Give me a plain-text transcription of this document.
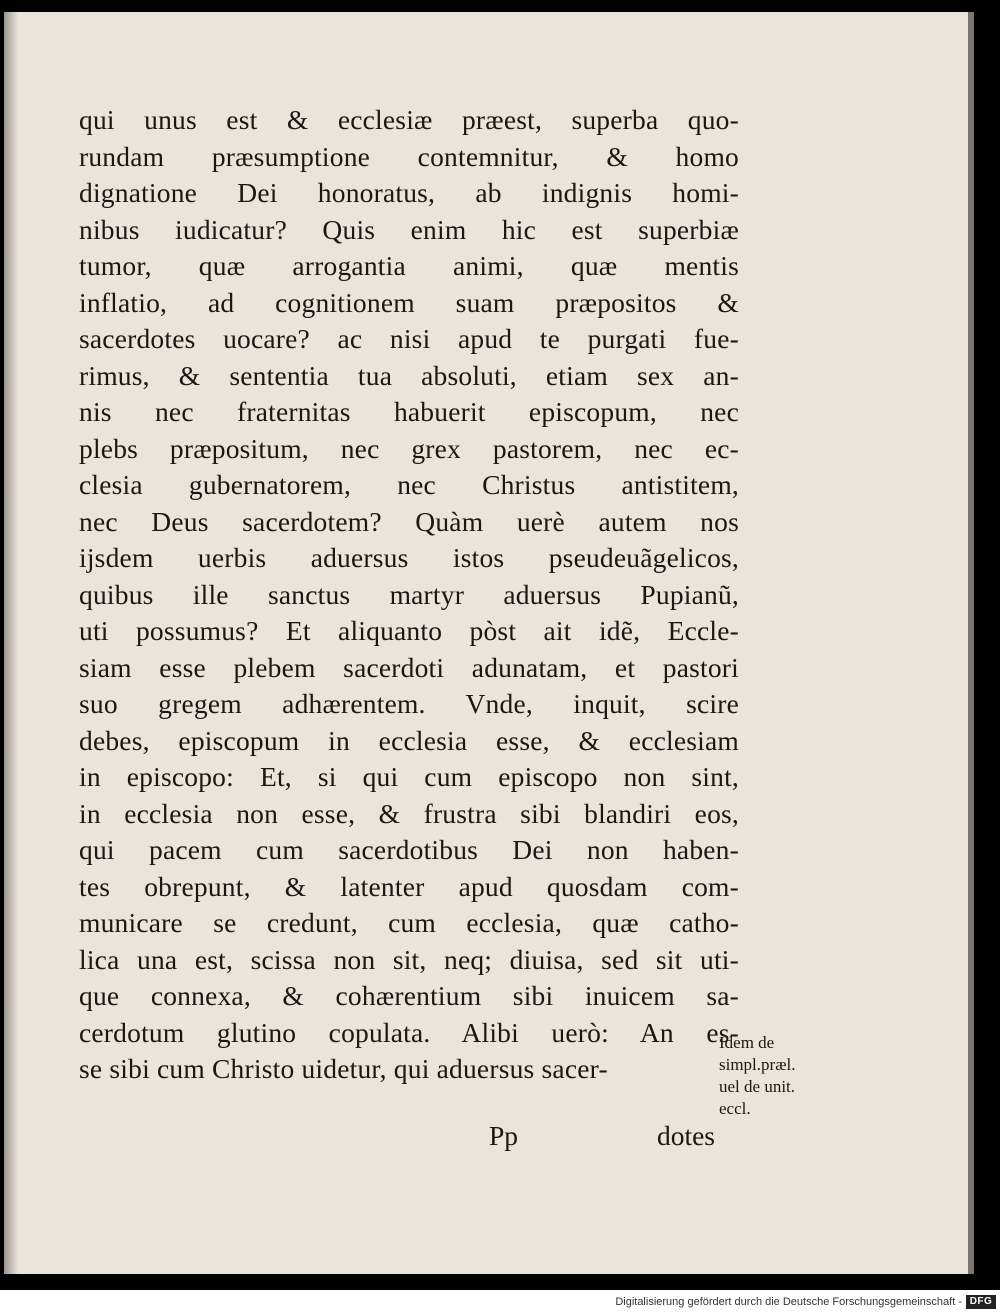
qui unus est & ecclesiæ præest, superba quo-
rundam præsumptione contemnitur, & homo
dignatione Dei honoratus, ab indignis homi-
nibus iudicatur? Quis enim hic est superbiæ
tumor, quæ arrogantia animi, quæ mentis
inflatio, ad cognitionem suam præpositos &
sacerdotes uocare? ac nisi apud te purgati fue-
rimus, & sententia tua absoluti, etiam sex an-
nis nec fraternitas habuerit episcopum, nec
plebs præpositum, nec grex pastorem, nec ec-
clesia gubernatorem, nec Christus antistitem,
nec Deus sacerdotem? Quàm uerè autem nos
ijsdem uerbis aduersus istos pseudeuãgelicos,
quibus ille sanctus martyr aduersus Pupianũ,
uti possumus? Et aliquanto pòst ait idẽ, Eccle-
siam esse plebem sacerdoti adunatam, et pastori
suo gregem adhærentem. Vnde, inquit, scire
debes, episcopum in ecclesia esse, & ecclesiam
in episcopo: Et, si qui cum episcopo non sint,
in ecclesia non esse, & frustra sibi blandiri eos,
qui pacem cum sacerdotibus Dei non haben-
tes obrepunt, & latenter apud quosdam com-
municare se credunt, cum ecclesia, quæ catho-
lica una est, scissa non sit, neq; diuisa, sed sit uti-
que connexa, & cohærentium sibi inuicem sa-
cerdotum glutino copulata. Alibi uerò: An es-
se sibi cum Christo uidetur, qui aduersus sacer-
Pp	dotes
Idem de
simpl.præl.
uel de unit.
eccl.
Digitalisierung gefördert durch die Deutsche Forschungsgemeinschaft - DFG
